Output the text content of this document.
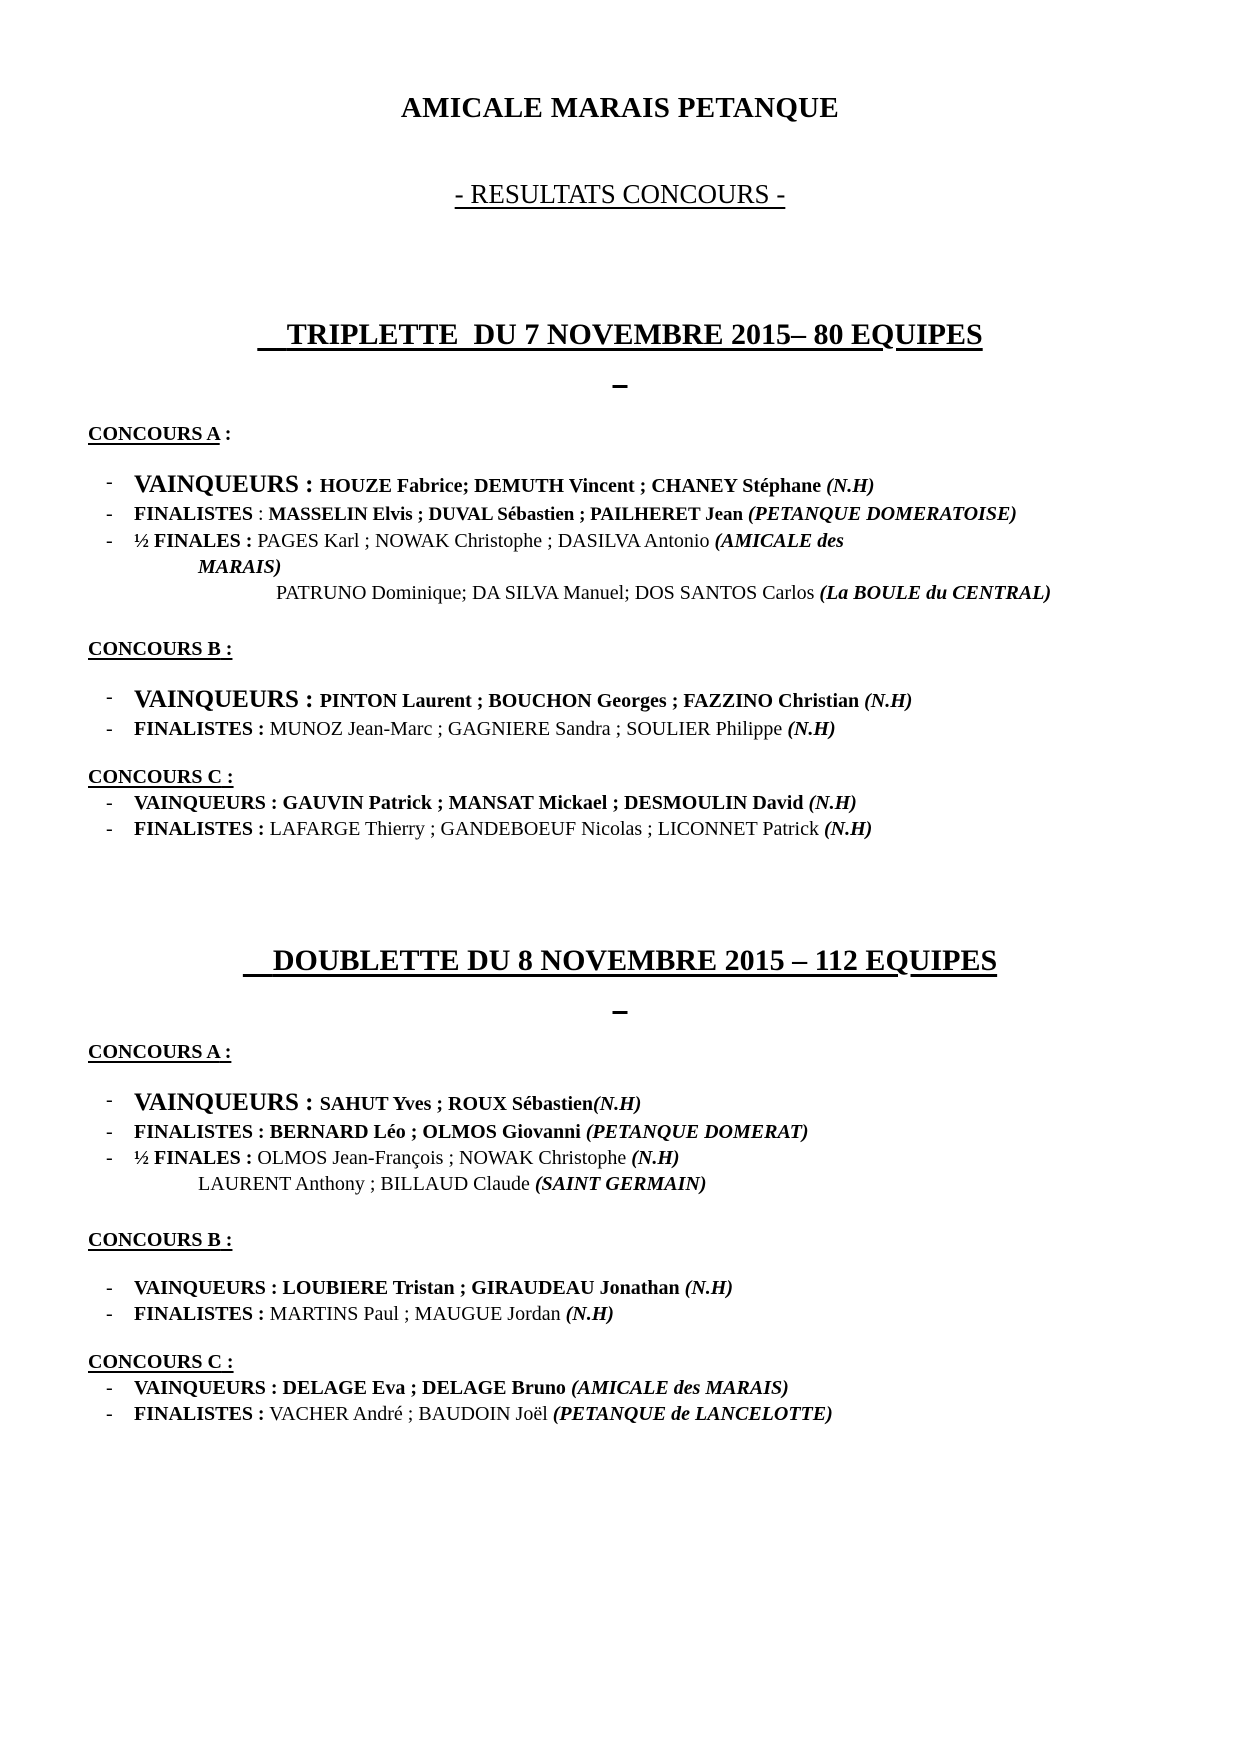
AMICALE MARAIS PETANQUE
- RESULTATS CONCOURS -

TRIPLETTE  DU 7 NOVEMBRE 2015– 80 EQUIPES

CONCOURS A :
- VAINQUEURS : HOUZE Fabrice; DEMUTH Vincent ; CHANEY Stéphane (N.H)
- FINALISTES : MASSELIN Elvis ; DUVAL Sébastien ; PAILHERET Jean (PETANQUE DOMERATOISE)
- ½ FINALES : PAGES Karl ; NOWAK Christophe ; DASILVA Antonio (AMICALE des
MARAIS)
PATRUNO Dominique; DA SILVA Manuel; DOS SANTOS Carlos (La BOULE du CENTRAL)
CONCOURS B :
- VAINQUEURS : PINTON Laurent ; BOUCHON Georges ; FAZZINO Christian (N.H)
- FINALISTES : MUNOZ Jean-Marc ; GAGNIERE Sandra ; SOULIER Philippe (N.H)
CONCOURS C :
- VAINQUEURS : GAUVIN Patrick ; MANSAT Mickael ; DESMOULIN David (N.H)
- FINALISTES : LAFARGE Thierry ; GANDEBOEUF Nicolas ; LICONNET Patrick (N.H)

DOUBLETTE DU 8 NOVEMBRE 2015 – 112 EQUIPES

CONCOURS A :
- VAINQUEURS : SAHUT Yves ; ROUX Sébastien(N.H)
- FINALISTES : BERNARD Léo ; OLMOS Giovanni (PETANQUE DOMERAT)
- ½ FINALES : OLMOS Jean-François ; NOWAK Christophe (N.H)
LAURENT Anthony ; BILLAUD Claude (SAINT GERMAIN)
CONCOURS B :
- VAINQUEURS : LOUBIERE Tristan ; GIRAUDEAU Jonathan (N.H)
- FINALISTES : MARTINS Paul ; MAUGUE Jordan (N.H)
CONCOURS C :
- VAINQUEURS : DELAGE Eva ; DELAGE Bruno (AMICALE des MARAIS)
- FINALISTES : VACHER André ; BAUDOIN Joël (PETANQUE de LANCELOTTE)
